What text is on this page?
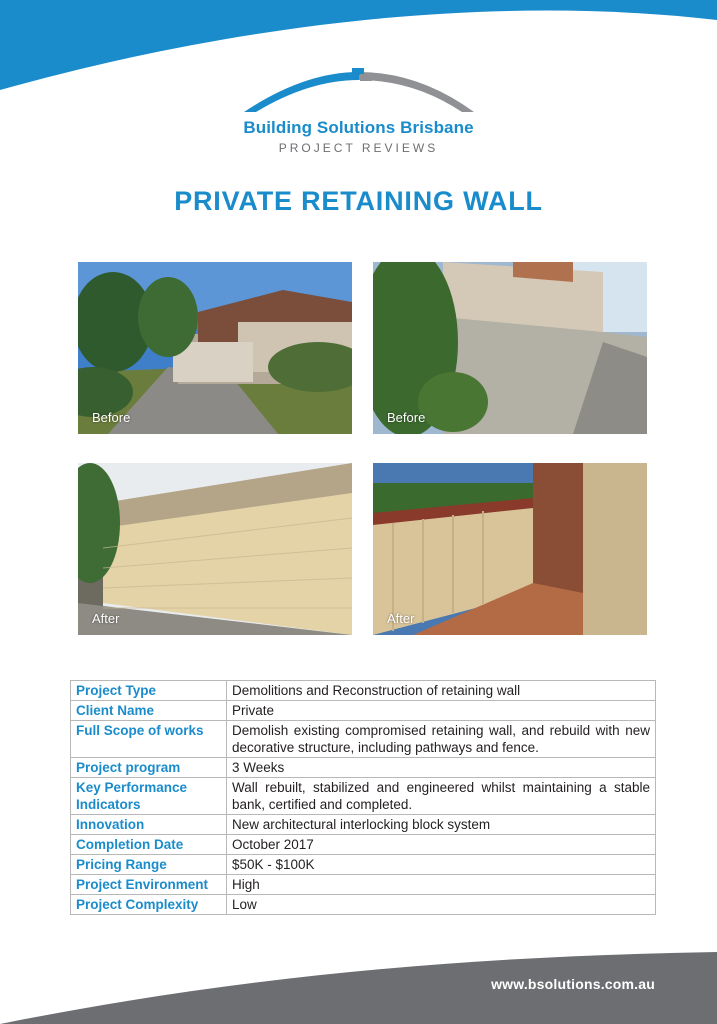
Building Solutions Brisbane
PROJECT REVIEWS
PRIVATE RETAINING WALL
Before	Before
After	After
Project Type	Demolitions and Reconstruction of retaining wall
Client Name	Private
Full Scope of works	Demolish existing compromised retaining wall, and rebuild with new decorative structure, including pathways and fence.
Project program	3 Weeks
Key Performance Indicators	Wall rebuilt, stabilized and engineered whilst maintaining a stable bank, certified and completed.
Innovation	New architectural interlocking block system
Completion Date	October 2017
Pricing Range	$50K - $100K
Project Environment	High
Project Complexity	Low
www.bsolutions.com.au
